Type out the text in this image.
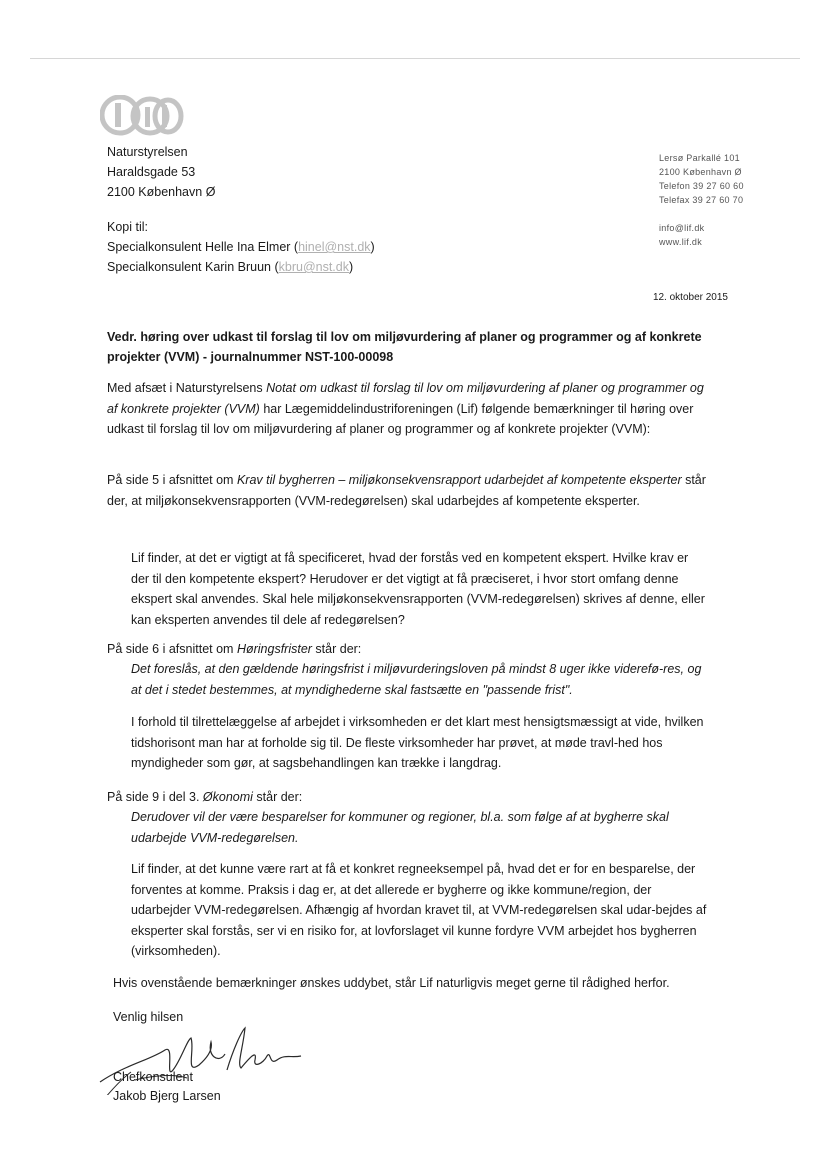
Naturstyrelsen
Haraldsgade 53
2100 København Ø
Lersø Parkallé 101
2100 København Ø
Telefon 39 27 60 60
Telefax 39 27 60 70
info@lif.dk
www.lif.dk
Kopi til:
Specialkonsulent Helle Ina Elmer (hinel@nst.dk)
Specialkonsulent Karin Bruun (kbru@nst.dk)
12. oktober 2015
Vedr. høring over udkast til forslag til lov om miljøvurdering af planer og programmer og af konkrete projekter (VVM) - journalnummer NST-100-00098
Med afsæt i Naturstyrelsens Notat om udkast til forslag til lov om miljøvurdering af planer og programmer og af konkrete projekter (VVM) har Lægemiddelindustriforeningen (Lif) følgende bemærkninger til høring over udkast til forslag til lov om miljøvurdering af planer og programmer og af konkrete projekter (VVM):
På side 5 i afsnittet om Krav til bygherren – miljøkonsekvensrapport udarbejdet af kompetente eksperter står der, at miljøkonsekvensrapporten (VVM-redegørelsen) skal udarbejdes af kompetente eksperter.
Lif finder, at det er vigtigt at få specificeret, hvad der forstås ved en kompetent ekspert. Hvilke krav er der til den kompetente ekspert? Herudover er det vigtigt at få præciseret, i hvor stort omfang denne ekspert skal anvendes. Skal hele miljøkonsekvensrapporten (VVM-redegørelsen) skrives af denne, eller kan eksperten anvendes til dele af redegørelsen?
På side 6 i afsnittet om Høringsfrister står der:
Det foreslås, at den gældende høringsfrist i miljøvurderingsloven på mindst 8 uger ikke viderefø-res, og at det i stedet bestemmes, at myndighederne skal fastsætte en "passende frist".
I forhold til tilrettelæggelse af arbejdet i virksomheden er det klart mest hensigtsmæssigt at vide, hvilken tidshorisont man har at forholde sig til. De fleste virksomheder har prøvet, at møde travl-hed hos myndigheder som gør, at sagsbehandlingen kan trække i langdrag.
På side 9 i del 3. Økonomi står der:
Derudover vil der være besparelser for kommuner og regioner, bl.a. som følge af at bygherre skal udarbejde VVM-redegørelsen.
Lif finder, at det kunne være rart at få et konkret regneeksempel på, hvad det er for en besparelse, der forventes at komme. Praksis i dag er, at det allerede er bygherre og ikke kommune/region, der udarbejder VVM-redegørelsen. Afhængig af hvordan kravet til, at VVM-redegørelsen skal udar-bejdes af eksperter skal forstås, ser vi en risiko for, at lovforslaget vil kunne fordyre VVM arbejdet hos bygherren (virksomheden).
Hvis ovenstående bemærkninger ønskes uddybet, står Lif naturligvis meget gerne til rådighed herfor.
Venlig hilsen
Chefkonsulent
Jakob Bjerg Larsen
